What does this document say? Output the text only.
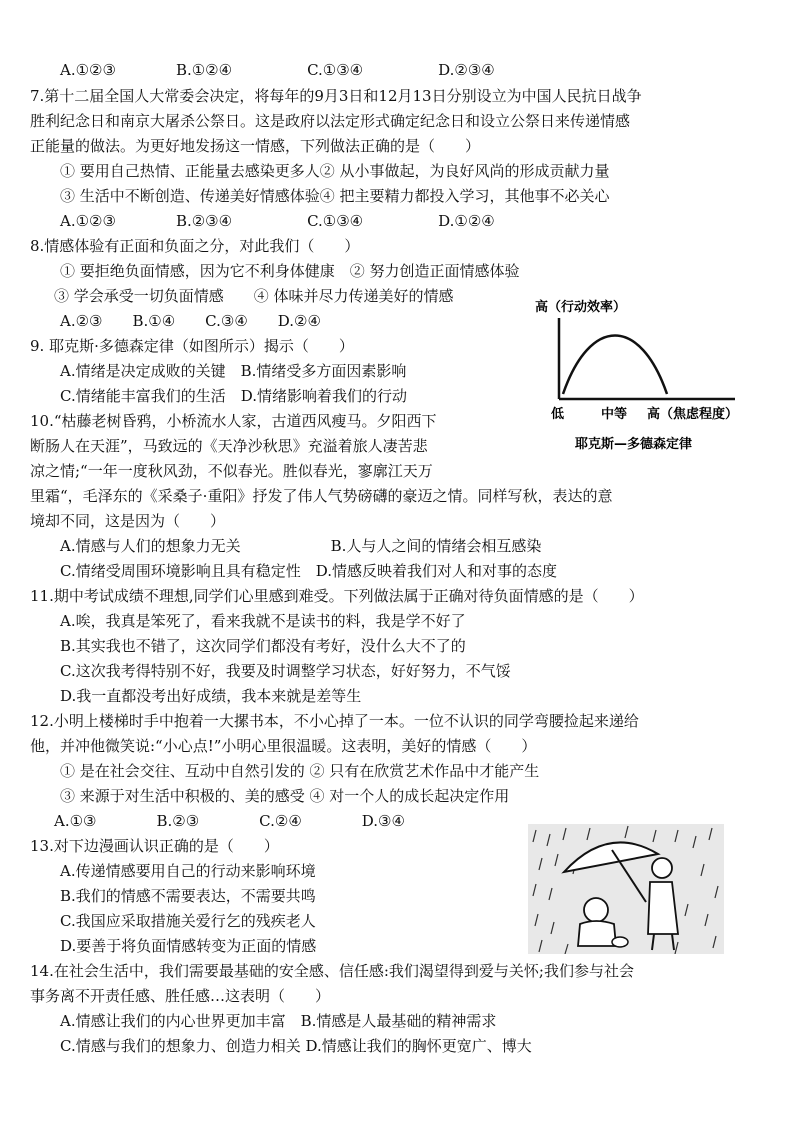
A.①②③　　　　B.①②④　　　　　C.①③④　　　　　D.②③④
7.第十二届全国人大常委会决定，将每年的9月3日和12月13日分别设立为中国人民抗日战争
胜利纪念日和南京大屠杀公祭日。这是政府以法定形式确定纪念日和设立公祭日来传递情感
正能量的做法。为更好地发扬这一情感，下列做法正确的是（　　）
① 要用自己热情、正能量去感染更多人② 从小事做起，为良好风尚的形成贡献力量
③ 生活中不断创造、传递美好情感体验④ 把主要精力都投入学习，其他事不必关心
A.①②③　　　　B.②③④　　　　　C.①③④　　　　　D.①②④
8.情感体验有正面和负面之分，对此我们（　　）
① 要拒绝负面情感，因为它不利身体健康　② 努力创造正面情感体验
③ 学会承受一切负面情感　　④ 体味并尽力传递美好的情感
A.②③　　B.①④　　C.③④　　D.②④
9. 耶克斯·多德森定律（如图所示）揭示（　　）
A.情绪是决定成败的关键　B.情绪受多方面因素影响
C.情绪能丰富我们的生活　D.情绪影响着我们的行动
10.“枯藤老树昏鸦，小桥流水人家，古道西风瘦马。夕阳西下
断肠人在天涯”，马致远的《天净沙秋思》充溢着旅人凄苦悲
凉之情;“一年一度秋风劲，不似春光。胜似春光，寥廓江天万
里霜“，毛泽东的《采桑子·重阳》抒发了伟人气势磅礴的豪迈之情。同样写秋，表达的意
境却不同，这是因为（　　）
A.情感与人们的想象力无关　　　　　　B.人与人之间的情绪会相互感染
C.情绪受周围环境影响且具有稳定性　D.情感反映着我们对人和对事的态度
11.期中考试成绩不理想,同学们心里感到难受。下列做法属于正确对待负面情感的是（　　）
A.唉，我真是笨死了，看来我就不是读书的料，我是学不好了
B.其实我也不错了，这次同学们都没有考好，没什么大不了的
C.这次我考得特别不好，我要及时调整学习状态，好好努力，不气馁
D.我一直都没考出好成绩，我本来就是差等生
12.小明上楼梯时手中抱着一大摞书本，不小心掉了一本。一位不认识的同学弯腰捡起来递给
他，并冲他微笑说:“小心点!”小明心里很温暖。这表明，美好的情感（　　）
① 是在社会交往、互动中自然引发的 ② 只有在欣赏艺术作品中才能产生
③ 来源于对生活中积极的、美的感受 ④ 对一个人的成长起决定作用
A.①③　　　　B.②③　　　　C.②④　　　　D.③④
13.对下边漫画认识正确的是（　　）
A.传递情感要用自己的行动来影响环境
B.我们的情感不需要表达，不需要共鸣
C.我国应采取措施关爱行乞的残疾老人
D.要善于将负面情感转变为正面的情感
14.在社会生活中，我们需要最基础的安全感、信任感:我们渴望得到爱与关怀;我们参与社会
事务离不开责任感、胜任感…这表明（　　）
A.情感让我们的内心世界更加丰富　B.情感是人最基础的精神需求
C.情感与我们的想象力、创造力相关 D.情感让我们的胸怀更宽广、博大
高（行动效率）
低	中等 高（焦虑程度）
耶克斯—多德森定律
